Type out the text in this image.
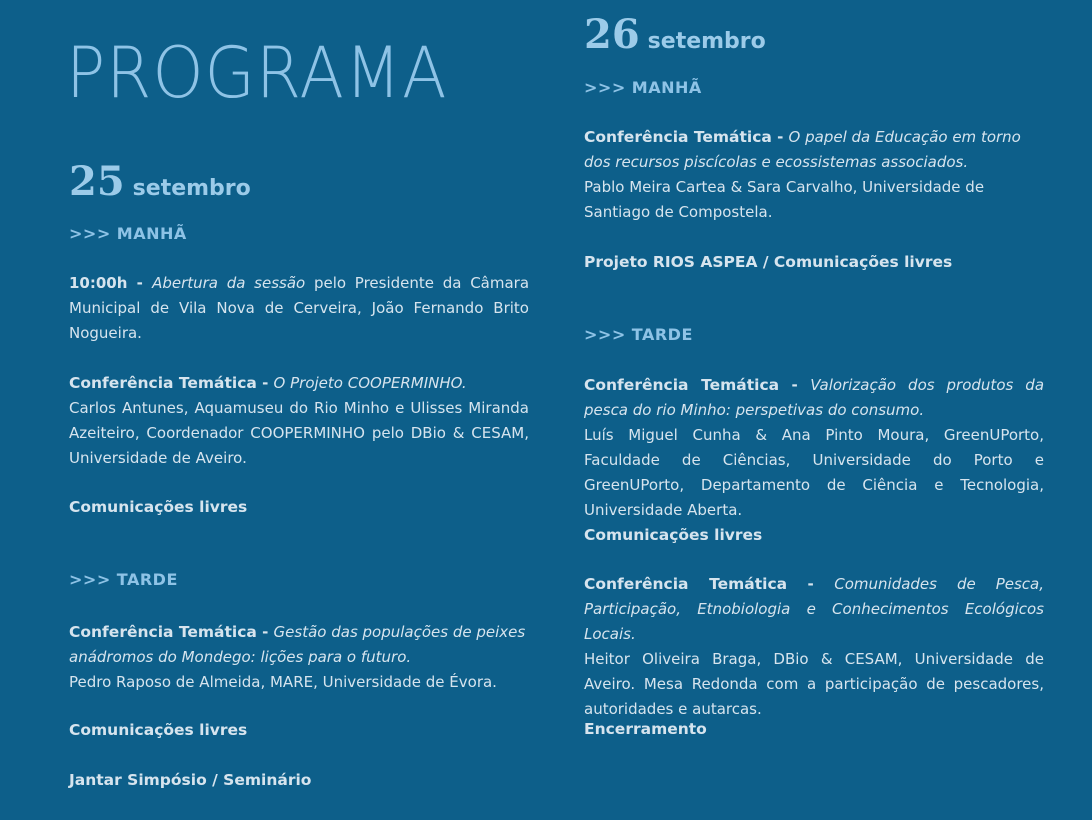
PROGRAMA
25 setembro
>>> MANHÃ

10:00h - Abertura da sessão pelo Presidente da Câmara Municipal de Vila Nova de Cerveira, João Fernando Brito Nogueira.

Conferência Temática - O Projeto COOPERMINHO.
Carlos Antunes, Aquamuseu do Rio Minho e Ulisses Miranda Azeiteiro, Coordenador COOPERMINHO pelo DBio & CESAM, Universidade de Aveiro.

Comunicações livres
>>> TARDE

Conferência Temática - Gestão das populações de peixes anádromos do Mondego: lições para o futuro.
Pedro Raposo de Almeida, MARE, Universidade de Évora.

Comunicações livres
Jantar Simpósio / Seminário
26 setembro
>>> MANHÃ

Conferência Temática - O papel da Educação em torno dos recursos piscícolas e ecossistemas associados.
Pablo Meira Cartea & Sara Carvalho, Universidade de Santiago de Compostela.

Projeto RIOS ASPEA / Comunicações livres
>>> TARDE

Conferência Temática - Valorização dos produtos da pesca do rio Minho: perspetivas do consumo.
Luís Miguel Cunha & Ana Pinto Moura, GreenUPorto, Faculdade de Ciências, Universidade do Porto e GreenUPorto, Departamento de Ciência e Tecnologia, Universidade Aberta.

Comunicações livres

Conferência Temática - Comunidades de Pesca, Participação, Etnobiologia e Conhecimentos Ecológicos Locais.
Heitor Oliveira Braga, DBio & CESAM, Universidade de Aveiro. Mesa Redonda com a participação de pescadores, autoridades e autarcas.

Encerramento
